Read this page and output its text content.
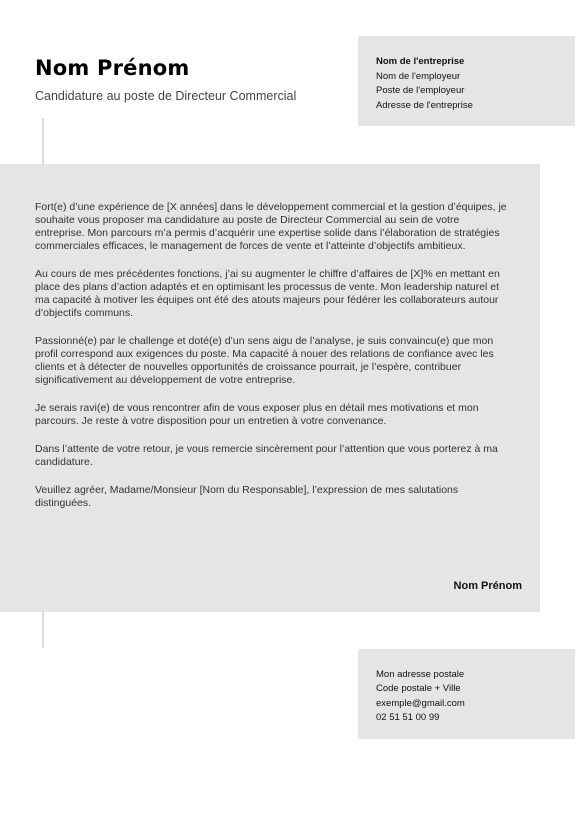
Nom Prénom
Candidature au poste de Directeur Commercial
Nom de l'entreprise
Nom de l'employeur
Poste de l'employeur
Adresse de l'entreprise

Fort(e) d’une expérience de [X années] dans le développement commercial et la gestion d’équipes, je souhaite vous proposer ma candidature au poste de Directeur Commercial au sein de votre entreprise. Mon parcours m’a permis d’acquérir une expertise solide dans l’élaboration de stratégies commerciales efficaces, le management de forces de vente et l’atteinte d’objectifs ambitieux.

Au cours de mes précédentes fonctions, j’ai su augmenter le chiffre d’affaires de [X]% en mettant en place des plans d’action adaptés et en optimisant les processus de vente. Mon leadership naturel et ma capacité à motiver les équipes ont été des atouts majeurs pour fédérer les collaborateurs autour d’objectifs communs.

Passionné(e) par le challenge et doté(e) d’un sens aigu de l’analyse, je suis convaincu(e) que mon profil correspond aux exigences du poste. Ma capacité à nouer des relations de confiance avec les clients et à détecter de nouvelles opportunités de croissance pourrait, je l’espère, contribuer significativement au développement de votre entreprise.

Je serais ravi(e) de vous rencontrer afin de vous exposer plus en détail mes motivations et mon parcours. Je reste à votre disposition pour un entretien à votre convenance.

Dans l’attente de votre retour, je vous remercie sincèrement pour l’attention que vous porterez à ma candidature.

Veuillez agréer, Madame/Monsieur [Nom du Responsable], l’expression de mes salutations distinguées.

Nom Prénom
Mon adresse postale
Code postale + Ville
exemple@gmail.com
02 51 51 00 99
